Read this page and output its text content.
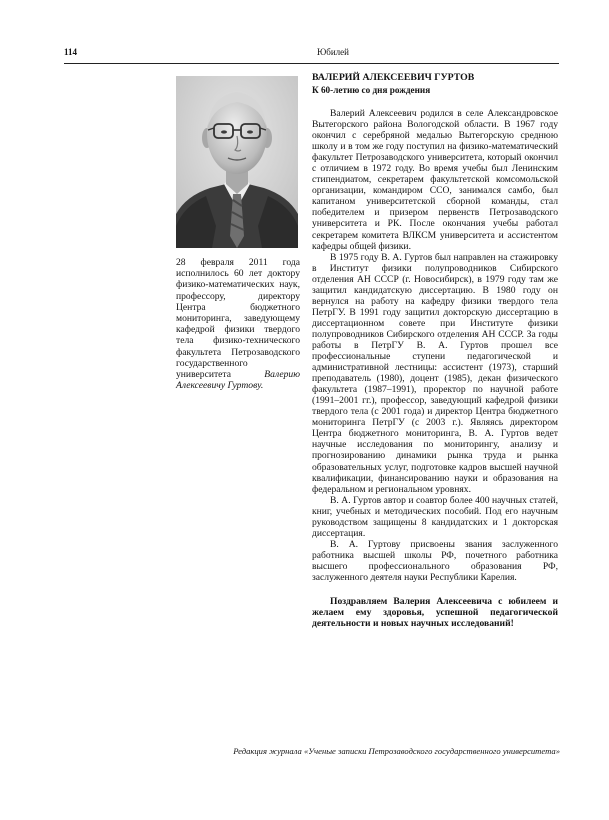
114	Юбилей
28 февраля 2011 года исполнилось 60 лет доктору физико-математических наук, профессору, директору Центра бюджетного мониторинга, заведующему кафедрой физики твердого тела физико-технического факультета Петрозаводского государственного университета	Валерию Алексеевичу Гуртову.

ВАЛЕРИЙ АЛЕКСЕЕВИЧ ГУРТОВ

К 60-летию со дня рождения

Валерий Алексеевич родился в селе Александровское Вытегорского района Вологодской области. В 1967 году окончил с серебряной медалью Вытегорскую среднюю школу и в том же году поступил на физико-математический факультет Петрозаводского университета, который окончил с отличием в 1972 году. Во время учебы был Ленинским стипендиатом, секретарем факультетской комсомольской организации, командиром ССО, занимался самбо, был капитаном университетской сборной команды, стал победителем и призером первенств Петрозаводского университета и РК. После окончания учебы работал секретарем комитета ВЛКСМ университета и ассистентом кафедры общей физики.

В 1975 году В. А. Гуртов был направлен на стажировку в Институт физики полупроводников Сибирского отделения АН СССР (г. Новосибирск), в 1979 году там же защитил кандидатскую диссертацию. В 1980 году он вернулся на работу на кафедру физики твердого тела ПетрГУ. В 1991 году защитил докторскую диссертацию в диссертационном совете при Институте физики полупроводников Сибирского отделения АН СССР. За годы работы в ПетрГУ В. А. Гуртов прошел все профессиональные ступени педагогической и административной лестницы: ассистент (1973), старший преподаватель (1980), доцент (1985), декан физического факультета (1987–1991), проректор по научной работе (1991–2001 гг.), профессор, заведующий кафедрой физики твердого тела (с 2001 года) и директор Центра бюджетного мониторинга ПетрГУ (с 2003 г.). Являясь директором Центра бюджетного мониторинга, В. А. Гуртов ведет научные исследования по мониторингу, анализу и прогнозированию динамики рынка труда и рынка образовательных услуг, подготовке кадров высшей научной квалификации, финансированию науки и образования на федеральном и региональном уровнях.

В. А. Гуртов автор и соавтор более 400 научных статей, книг, учебных и методических пособий. Под его научным руководством защищены 8 кандидатских и 1 докторская диссертация.

В. А. Гуртову присвоены звания заслуженного работника высшей школы РФ, почетного работника высшего профессионального образования РФ, заслуженного деятеля науки Республики Карелия.

Поздравляем Валерия Алексеевича с юбилеем и желаем ему здоровья, успешной педагогической деятельности и новых научных исследований!

Редакция журнала «Ученые записки Петрозаводского государственного университета»
